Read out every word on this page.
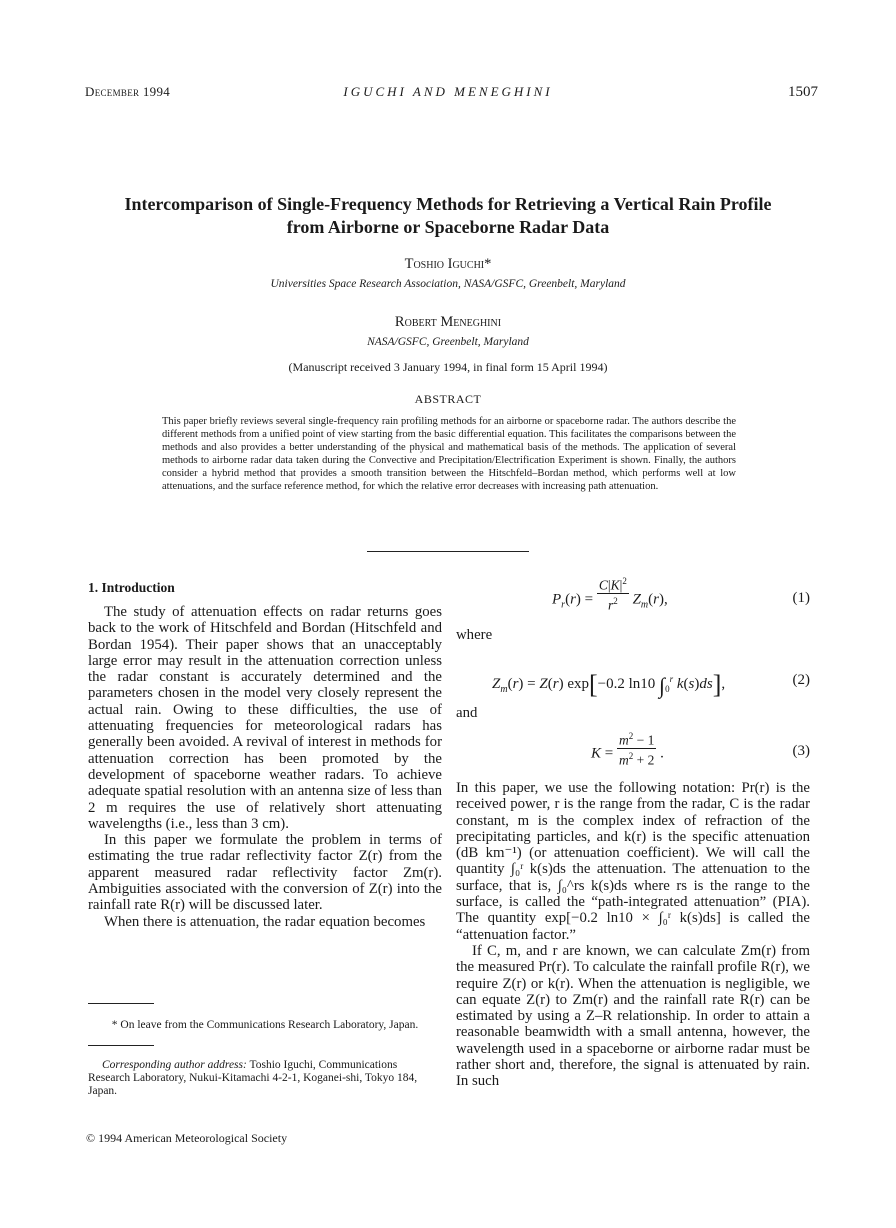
December 1994	IGUCHI AND MENEGHINI	1507
Intercomparison of Single-Frequency Methods for Retrieving a Vertical Rain Profile
from Airborne or Spaceborne Radar Data
Toshio Iguchi*
Universities Space Research Association, NASA/GSFC, Greenbelt, Maryland
Robert Meneghini
NASA/GSFC, Greenbelt, Maryland
(Manuscript received 3 January 1994, in final form 15 April 1994)
ABSTRACT
This paper briefly reviews several single-frequency rain profiling methods for an airborne or spaceborne radar. The authors describe the different methods from a unified point of view starting from the basic differential equation. This facilitates the comparisons between the methods and also provides a better understanding of the physical and mathematical basis of the methods. The application of several methods to airborne radar data taken during the Convective and Precipitation/Electrification Experiment is shown. Finally, the authors consider a hybrid method that provides a smooth transition between the Hitschfeld–Bordan method, which performs well at low attenuations, and the surface reference method, for which the relative error decreases with increasing path attenuation.
1. Introduction

The study of attenuation effects on radar returns goes back to the work of Hitschfeld and Bordan (Hitschfeld and Bordan 1954). Their paper shows that an unacceptably large error may result in the attenuation correction unless the radar constant is accurately determined and the parameters chosen in the model very closely represent the actual rain. Owing to these difficulties, the use of attenuating frequencies for meteorological radars has generally been avoided. A revival of interest in methods for attenuation correction has been promoted by the development of spaceborne weather radars. To achieve adequate spatial resolution with an antenna size of less than 2 m requires the use of relatively short attenuating wavelengths (i.e., less than 3 cm).

In this paper we formulate the problem in terms of estimating the true radar reflectivity factor Z(r) from the apparent measured radar reflectivity factor Zm(r). Ambiguities associated with the conversion of Z(r) into the rainfall rate R(r) will be discussed later.

When there is attenuation, the radar equation becomes

* On leave from the Communications Research Laboratory, Japan.
Corresponding author address: Toshio Iguchi, Communications Research Laboratory, Nukui-Kitamachi 4-2-1, Koganei-shi, Tokyo 184, Japan.
© 1994 American Meteorological Society
$P_r(r) = \frac{C|K|^2}{r^2} Z_m(r)$,	(1)
where
$Z_m(r) = Z(r)$ exp[−0.2 ln10 $\int_0^r$ k(s)ds],	(2)
and
$K = \frac{m^2 - 1}{m^2 + 2}$ .	(3)

In this paper, we use the following notation: Pr(r) is the received power, r is the range from the radar, C is the radar constant, m is the complex index of refraction of the precipitating particles, and k(r) is the specific attenuation (dB km⁻¹) (or attenuation coefficient). We will call the quantity ∫₀ʳ k(s)ds the attenuation. The attenuation to the surface, that is, ∫₀^rs k(s)ds where rs is the range to the surface, is called the “path-integrated attenuation” (PIA). The quantity exp[−0.2 ln10 × ∫₀ʳ k(s)ds] is called the “attenuation factor.”

If C, m, and r are known, we can calculate Zm(r) from the measured Pr(r). To calculate the rainfall profile R(r), we require Z(r) or k(r). When the attenuation is negligible, we can equate Z(r) to Zm(r) and the rainfall rate R(r) can be estimated by using a Z–R relationship. In order to attain a reasonable beamwidth with a small antenna, however, the wavelength used in a spaceborne or airborne radar must be rather short and, therefore, the signal is attenuated by rain. In such
